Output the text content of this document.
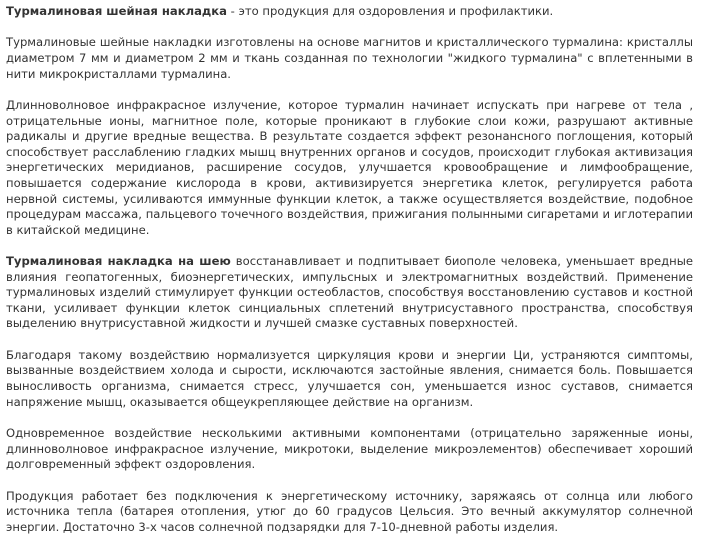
Турмалиновая шейная накладка - это продукция для оздоровления и профилактики.

Турмалиновые шейные накладки изготовлены на основе магнитов и кристаллического турмалина: кристаллы диаметром 7 мм и диаметром 2 мм и ткань созданная по технологии "жидкого турмалина" с вплетенными в нити микрокристаллами турмалина.

Длинноволновое инфракрасное излучение, которое турмалин начинает испускать при нагреве от тела , отрицательные ионы, магнитное поле, которые проникают в глубокие слои кожи, разрушают активные радикалы и другие вредные вещества. В результате создается эффект резонансного поглощения, который способствует расслаблению гладких мышц внутренних органов и сосудов, происходит глубокая активизация энергетических меридианов, расширение сосудов, улучшается кровообращение и лимфообращение, повышается содержание кислорода в крови, активизируется энергетика клеток, регулируется работа нервной системы, усиливаются иммунные функции клеток, а также осуществляется воздействие, подобное процедурам массажа, пальцевого точечного воздействия, прижигания полынными сигаретами и иглотерапии в китайской медицине.

Турмалиновая накладка на шею восстанавливает и подпитывает биополе человека, уменьшает вредные влияния геопатогенных, биоэнергетических, импульсных и электромагнитных воздействий. Применение турмалиновых изделий стимулирует функции остеобластов, способствуя восстановлению суставов и костной ткани, усиливает функции клеток синциальных сплетений внутрисуставного пространства, способствуя выделению внутрисуставной жидкости и лучшей смазке суставных поверхностей.

Благодаря такому воздействию нормализуется циркуляция крови и энергии Ци, устраняются симптомы, вызванные воздействием холода и сырости, исключаются застойные явления, снимается боль. Повышается выносливость организма, снимается стресс, улучшается сон, уменьшается износ суставов, снимается напряжение мышц, оказывается общеукрепляющее действие на организм.

Одновременное воздействие несколькими активными компонентами (отрицательно заряженные ионы, длинноволновое инфракрасное излучение, микротоки, выделение микроэлементов) обеспечивает хороший долговременный эффект оздоровления.

Продукция работает без подключения к энергетическому источнику, заряжаясь от солнца или любого источника тепла (батарея отопления, утюг до 60 градусов Цельсия. Это вечный аккумулятор солнечной энергии. Достаточно 3-х часов солнечной подзарядки для 7-10-дневной работы изделия.
